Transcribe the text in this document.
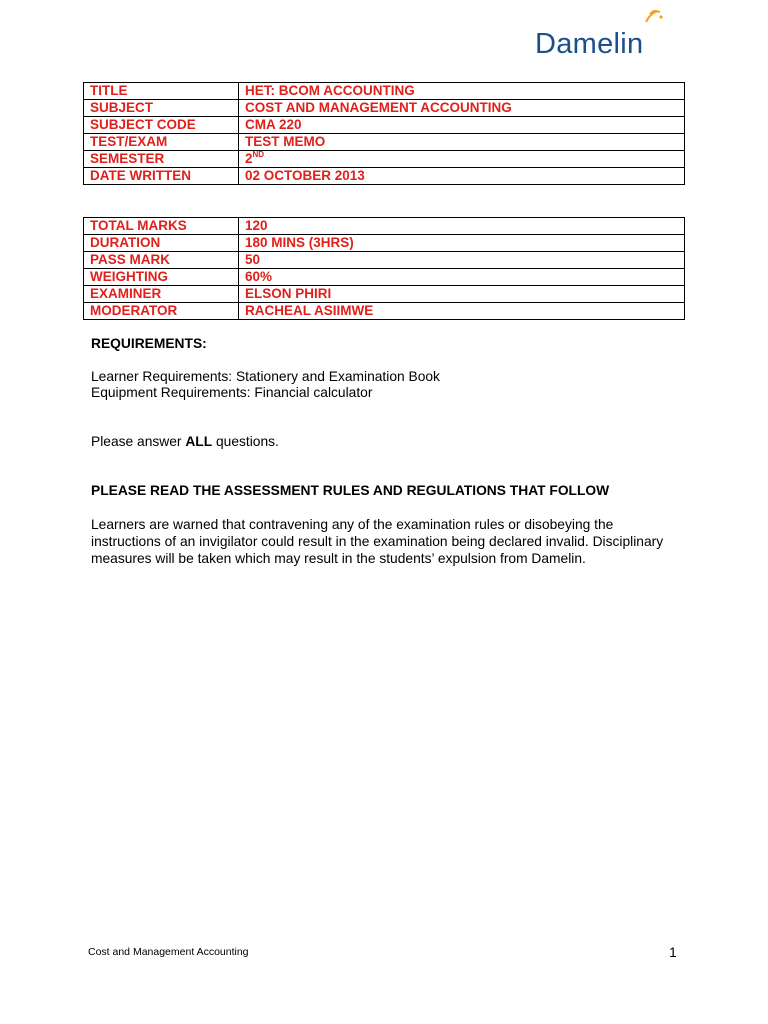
Damelin
TITLE	HET: BCOM ACCOUNTING
SUBJECT	COST AND MANAGEMENT ACCOUNTING
SUBJECT CODE	CMA 220
TEST/EXAM	TEST MEMO
SEMESTER	2ND
DATE WRITTEN	02 OCTOBER 2013
TOTAL MARKS	120
DURATION	180 MINS (3HRS)
PASS MARK	50
WEIGHTING	60%
EXAMINER	ELSON PHIRI
MODERATOR	RACHEAL ASIIMWE
REQUIREMENTS:
Learner Requirements: Stationery and Examination Book
Equipment Requirements: Financial calculator
Please answer ALL questions.
PLEASE READ THE ASSESSMENT RULES AND REGULATIONS THAT FOLLOW
Learners are warned that contravening any of the examination rules or disobeying the
instructions of an invigilator could result in the examination being declared invalid. Disciplinary
measures will be taken which may result in the students’ expulsion from Damelin.
Cost and Management Accounting	1
